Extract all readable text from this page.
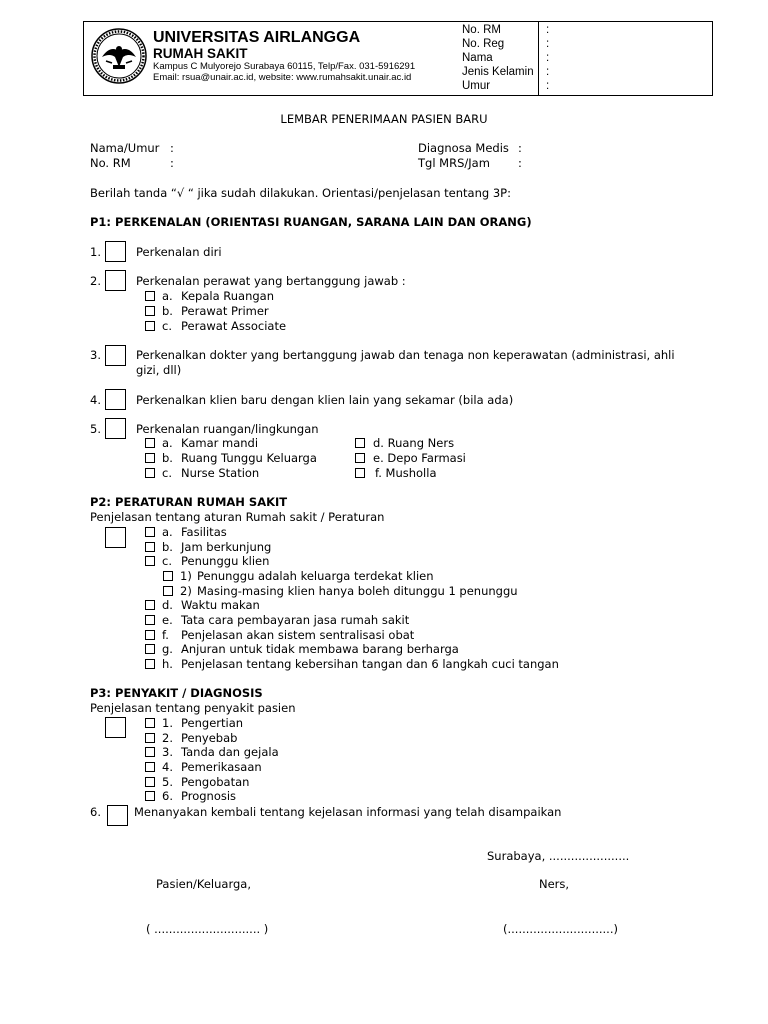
UNIVERSITAS AIRLANGGA
RUMAH SAKIT
Kampus C Mulyorejo Surabaya 60115, Telp/Fax. 031-5916291
Email: rsua@unair.ac.id, website: www.rumahsakit.unair.ac.id
No. RM	:
No. Reg	:
Nama	:
Jenis Kelamin :
Umur	:
LEMBAR PENERIMAAN PASIEN BARU
Nama/Umur :
No. RM	:
Diagnosa Medis :
Tgl MRS/Jam :
Berilah tanda “√ “ jika sudah dilakukan. Orientasi/penjelasan tentang 3P:
P1: PERKENALAN (ORIENTASI RUANGAN, SARANA LAIN DAN ORANG)
1.	Perkenalan diri
2.	Perkenalan perawat yang bertanggung jawab :
a. Kepala Ruangan
b. Perawat Primer
c. Perawat Associate
3.	Perkenalkan dokter yang bertanggung jawab dan tenaga non keperawatan (administrasi, ahli
gizi, dll)
4.	Perkenalkan klien baru dengan klien lain yang sekamar (bila ada)
5.	Perkenalan ruangan/lingkungan
a. Kamar mandi
b. Ruang Tunggu Keluarga
c. Nurse Station
d. Ruang Ners
e. Depo Farmasi
f. Musholla
P2: PERATURAN RUMAH SAKIT
Penjelasan tentang aturan Rumah sakit / Peraturan
a. Fasilitas
b. Jam berkunjung
c. Penunggu klien
1) Penunggu adalah keluarga terdekat klien
2) Masing-masing klien hanya boleh ditunggu 1 penunggu
d. Waktu makan
e. Tata cara pembayaran jasa rumah sakit
f. Penjelasan akan sistem sentralisasi obat
g. Anjuran untuk tidak membawa barang berharga
h. Penjelasan tentang kebersihan tangan dan 6 langkah cuci tangan
P3: PENYAKIT / DIAGNOSIS
Penjelasan tentang penyakit pasien
1. Pengertian
2. Penyebab
3. Tanda dan gejala
4. Pemerikasaan
5. Pengobatan
6. Prognosis
6.	Menanyakan kembali tentang kejelasan informasi yang telah disampaikan
Surabaya, ......................
Pasien/Keluarga,	Ners,
( ............................. )	(.............................)
